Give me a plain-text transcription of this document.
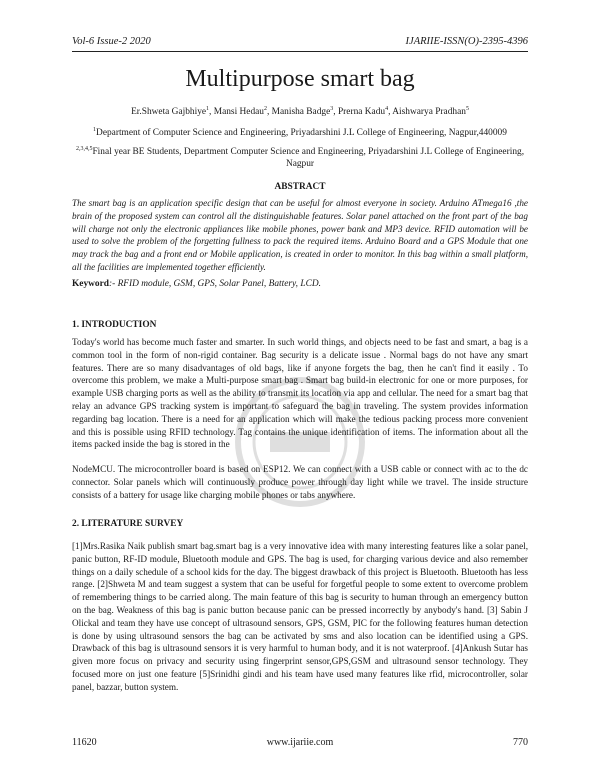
Vol-6 Issue-2 2020	IJARIIE-ISSN(O)-2395-4396
Multipurpose smart bag
Er.Shweta Gajbhiye$^1$, Mansi Hedau$^2$, Manisha Badge$^3$, Prerna Kadu$^4$, Aishwarya Pradhan$^5$
$^1$Department of Computer Science and Engineering, Priyadarshini J.L College of Engineering, Nagpur,440009
$^{2,3,4,5}$Final year BE Students, Department Computer Science and Engineering, Priyadarshini J.L College of Engineering, Nagpur
ABSTRACT
The smart bag is an application specific design that can be useful for almost everyone in society. Arduino ATmega16 ,the brain of the proposed system can control all the distinguishable features. Solar panel attached on the front part of the bag will charge not only the electronic appliances like mobile phones, power bank and MP3 device. RFID automation will be used to solve the problem of the forgetting fullness to pack the required items. Arduino Board and a GPS Module that one may track the bag and a front end or Mobile application, is created in order to monitor. In this bag within a small platform, all the facilities are implemented together efficiently.
Keyword:- RFID module, GSM, GPS, Solar Panel, Battery, LCD.
1. INTRODUCTION
Today's world has become much faster and smarter. In such world things, and objects need to be fast and smart, a bag is a common tool in the form of non-rigid container. Bag security is a delicate issue . Normal bags do not have any smart features. There are so many disadvantages of old bags, like if anyone forgets the bag, then he can't find it easily . To overcome this problem, we make a Multi-purpose smart bag . Smart bag build-in electronic for one or more purposes, for example USB charging ports as well as the ability to transmit its location via app and cellular. The need for a smart bag that relay an advance GPS tracking system is important to safeguard the bag in traveling. The system provides information regarding bag location. There is a need for an application which will make the tedious packing process more convenient and this is possible using RFID technology. Tag contains the unique identification of items. The information about all the items packed inside the bag is stored in the
NodeMCU. The microcontroller board is based on ESP12. We can connect with a USB cable or connect with ac to the dc connector. Solar panels which will continuously produce power through day light while we travel. The inside structure consists of a battery for usage like charging mobile phones or tabs anywhere.
2. LITERATURE SURVEY
[1]Mrs.Rasika Naik publish smart bag.smart bag is a very innovative idea with many interesting features like a solar panel, panic button, RF-ID module, Bluetooth module and GPS. The bag is used, for charging various device and also remember things on a daily schedule of a school kids for the day. The biggest drawback of this project is Bluetooth. Bluetooth has less range. [2]Shweta M and team suggest a system that can be useful for forgetful people to some extent to overcome problem of remembering things to be carried along. The main feature of this bag is security to human through an emergency button on the bag. Weakness of this bag is panic button because panic can be pressed incorrectly by anybody's hand. [3] Sabin J Olickal and team they have use concept of ultrasound sensors, GPS, GSM, PIC for the following features human detection is done by using ultrasound sensors the bag can be activated by sms and also location can be identified using a GPS. Drawback of this bag is ultrasound sensors it is very harmful to human body, and it is not waterproof. [4]Ankush Sutar has given more focus on privacy and security using fingerprint sensor,GPS,GSM and ultrasound sensor technology. They focused more on just one feature [5]Srinidhi gindi and his team have used many features like rfid, microcontroller, solar panel, bazzar, button system.
11620	www.ijariie.com	770
